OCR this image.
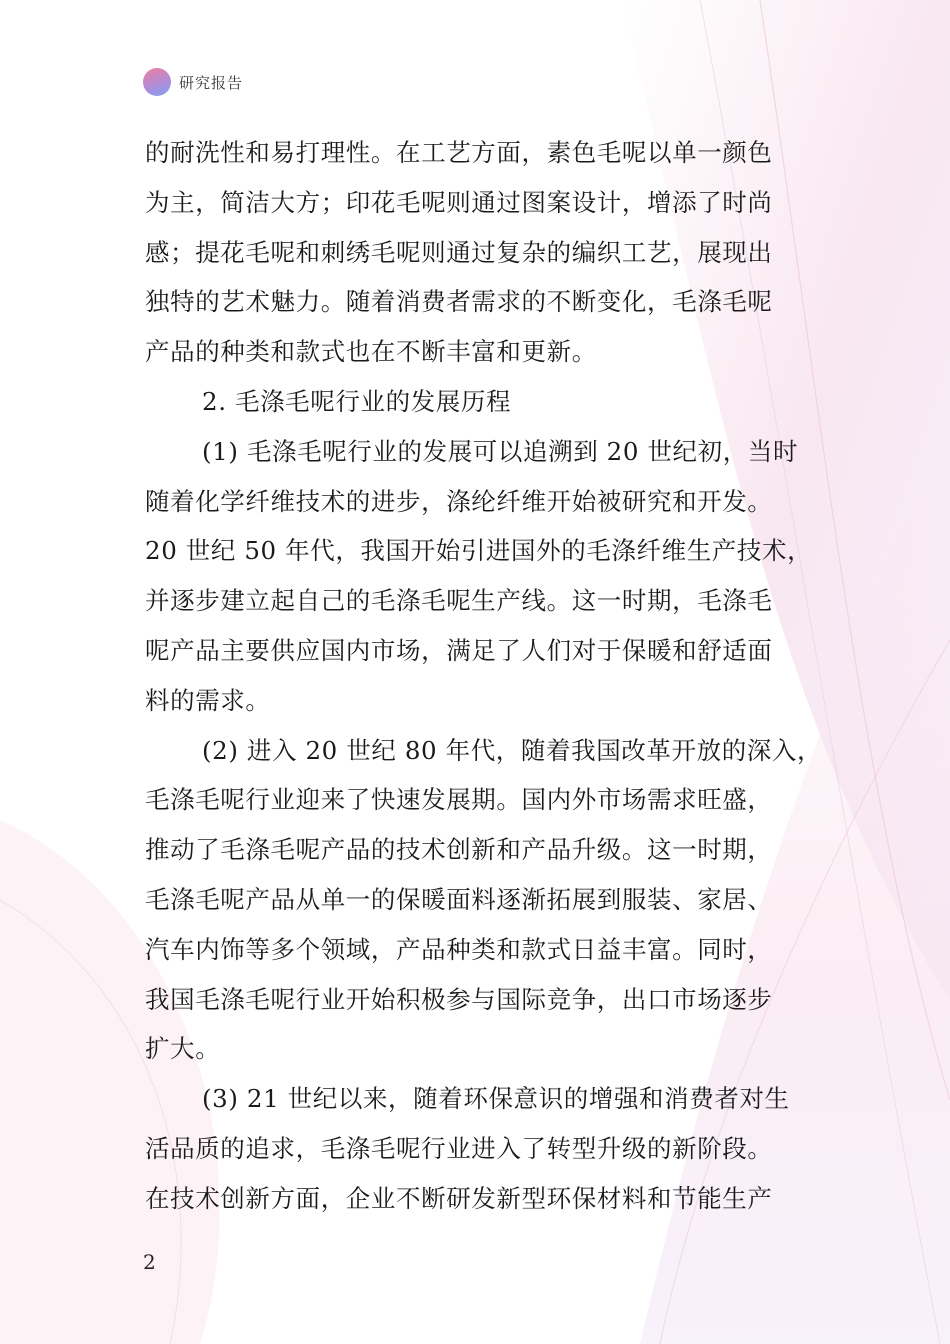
研究报告
的耐洗性和易打理性。在工艺方面，素色毛呢以单一颜色
为主，简洁大方；印花毛呢则通过图案设计，增添了时尚
感；提花毛呢和刺绣毛呢则通过复杂的编织工艺，展现出
独特的艺术魅力。随着消费者需求的不断变化，毛涤毛呢
产品的种类和款式也在不断丰富和更新。
2. 毛涤毛呢行业的发展历程
(1) 毛涤毛呢行业的发展可以追溯到 20 世纪初，当时
随着化学纤维技术的进步，涤纶纤维开始被研究和开发。
20 世纪 50 年代，我国开始引进国外的毛涤纤维生产技术，
并逐步建立起自己的毛涤毛呢生产线。这一时期，毛涤毛
呢产品主要供应国内市场，满足了人们对于保暖和舒适面
料的需求。
(2) 进入 20 世纪 80 年代，随着我国改革开放的深入，
毛涤毛呢行业迎来了快速发展期。国内外市场需求旺盛，
推动了毛涤毛呢产品的技术创新和产品升级。这一时期，
毛涤毛呢产品从单一的保暖面料逐渐拓展到服装、家居、
汽车内饰等多个领域，产品种类和款式日益丰富。同时，
我国毛涤毛呢行业开始积极参与国际竞争，出口市场逐步
扩大。
(3) 21 世纪以来，随着环保意识的增强和消费者对生
活品质的追求，毛涤毛呢行业进入了转型升级的新阶段。
在技术创新方面，企业不断研发新型环保材料和节能生产
2
